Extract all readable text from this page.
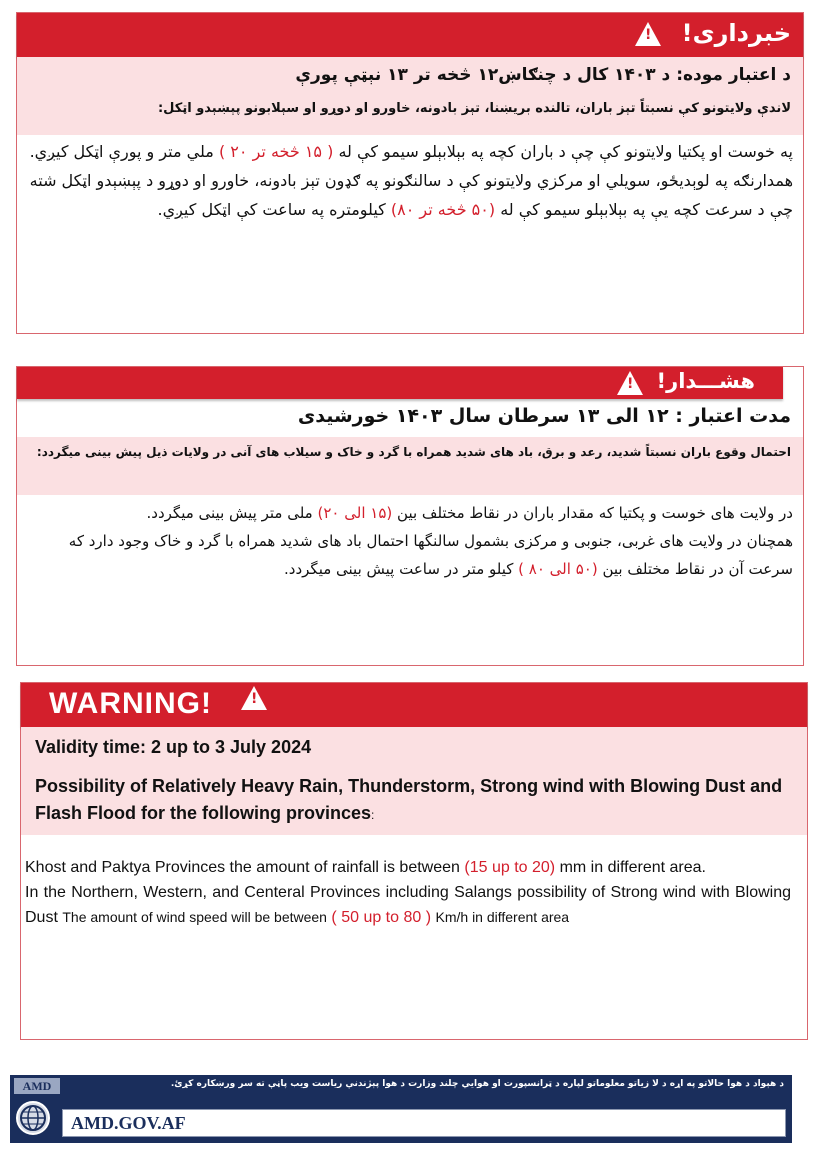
خبرداری!
!
د اعتبار موده: د ۱۴۰۳ کال د چنګاښ۱۲ څخه تر ۱۳ نېټې پورې
لاندې ولایتونو کې نسبتاً تېز باران، تالنده بریښنا، تېز بادونه، خاورو او دوړو او سېلابونو پېښېدو اټکل:
په خوست او پکتیا ولایتونو کې چې د باران کچه په بېلابېلو سیمو کې له ( ۱۵ څخه تر ۲۰ ) ملي متر و پورې اټکل کیږي.
همدارنګه په لوېدیځو، سویلي او مرکزي ولایتونو کې د سالنګونو په ګډون تېز بادونه، خاورو او دوړو د پېښېدو اټکل شته چې د سرعت کچه یې په بېلابېلو سیمو کې له (۵۰ څخه تر ۸۰) کیلومتره په ساعت کې اټکل کیږي.
هشـــدار!
!
مدت اعتبار : ۱۲ الی ۱۳ سرطان سال ۱۴۰۳ خورشیدی
احتمال وقوع باران نسبتاً شدید، رعد و برق، باد های شدید همراه با گرد و خاک و سیلاب های آنی در ولایات ذیل پیش بینی میگردد:
در ولایت های خوست و پکتیا که مقدار باران در نقاط مختلف بین (۱۵ الی ۲۰) ملی متر پیش بینی میگردد.
همچنان در ولایت های غربی، جنوبی و مرکزی بشمول سالنگها احتمال باد های شدید همراه با گرد و خاک وجود دارد که سرعت آن در نقاط مختلف بین (۵۰ الی ۸۰ ) کیلو متر در ساعت پیش بینی میگردد.
WARNING!	!
Validity time: 2 up to 3 July 2024
Possibility of Relatively Heavy Rain, Thunderstorm, Strong wind with Blowing Dust and Flash Flood for the following provinces:
Khost and Paktya Provinces the amount of rainfall is between (15 up to 20) mm in different area.
In the Northern, Western, and Centeral Provinces including Salangs possibility of Strong wind with Blowing Dust The amount of wind speed will be between ( 50 up to 80 ) Km/h in different area
AMD	د هېواد د هوا حالاتو په اړه د لا زیاتو معلوماتو لپاره د ټرانسپورت او هوایي چلند وزارت د هوا پېژندنې ریاست ویب پاڼې ته سر ورښکاره کړئ.
AMD.GOV.AF
